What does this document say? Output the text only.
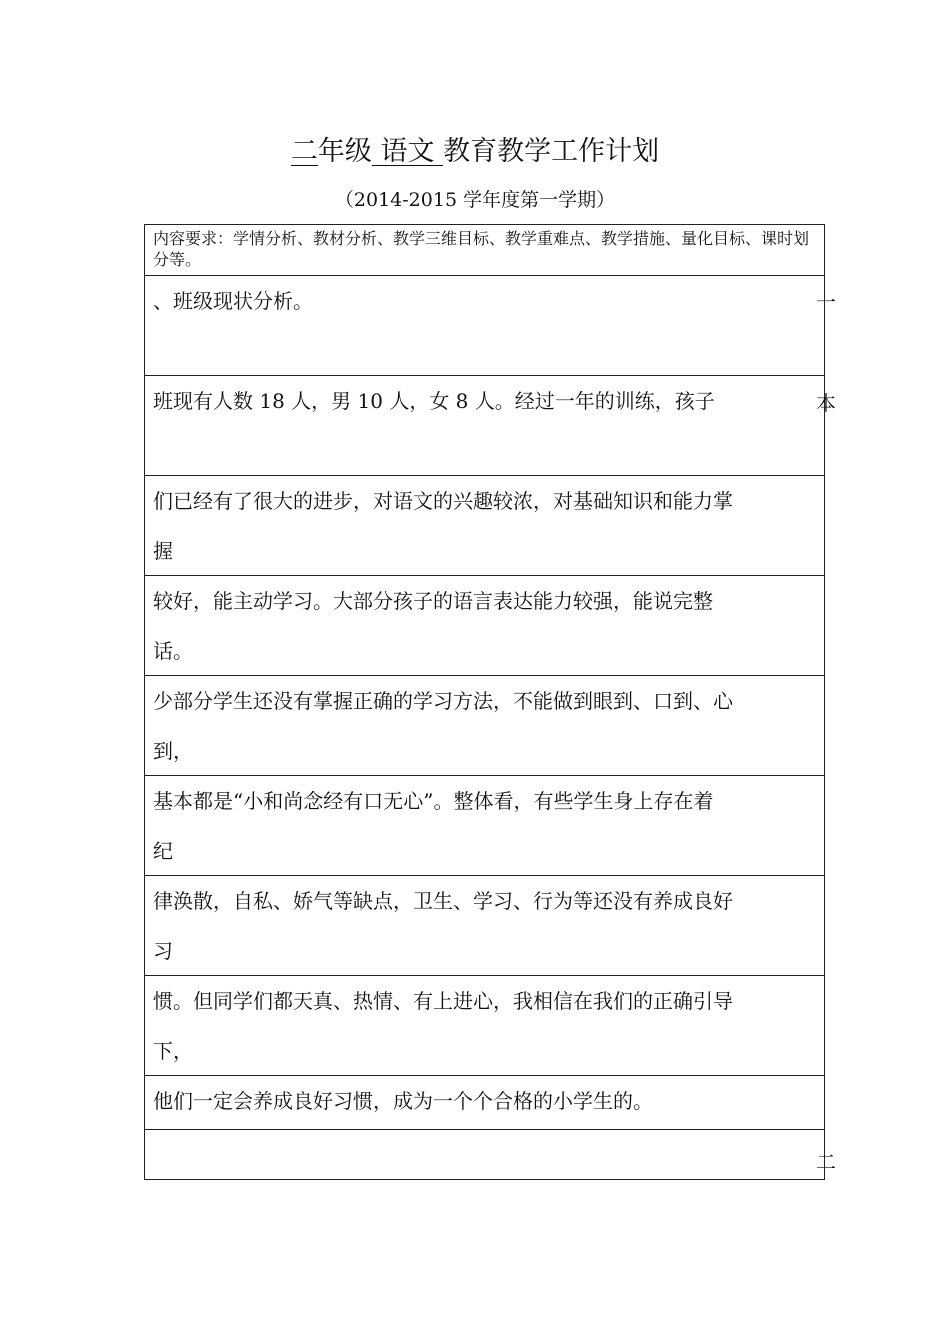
二年级 语文 教育教学工作计划
（2014-2015 学年度第一学期）
内容要求：学情分析、教材分析、教学三维目标、教学重难点、教学措施、量化目标、课时划分等。
、班级现状分析。
班现有人数 18 人，男 10 人，女 8 人。经过一年的训练，孩子
们已经有了很大的进步，对语文的兴趣较浓，对基础知识和能力掌
握
较好，能主动学习。大部分孩子的语言表达能力较强，能说完整
话。
少部分学生还没有掌握正确的学习方法，不能做到眼到、口到、心
到，
基本都是“小和尚念经有口无心”。整体看，有些学生身上存在着
纪
律涣散，自私、娇气等缺点，卫生、学习、行为等还没有养成良好
习
惯。但同学们都天真、热情、有上进心，我相信在我们的正确引导
下，
他们一定会养成良好习惯，成为一个个合格的小学生的。
一
本
二
